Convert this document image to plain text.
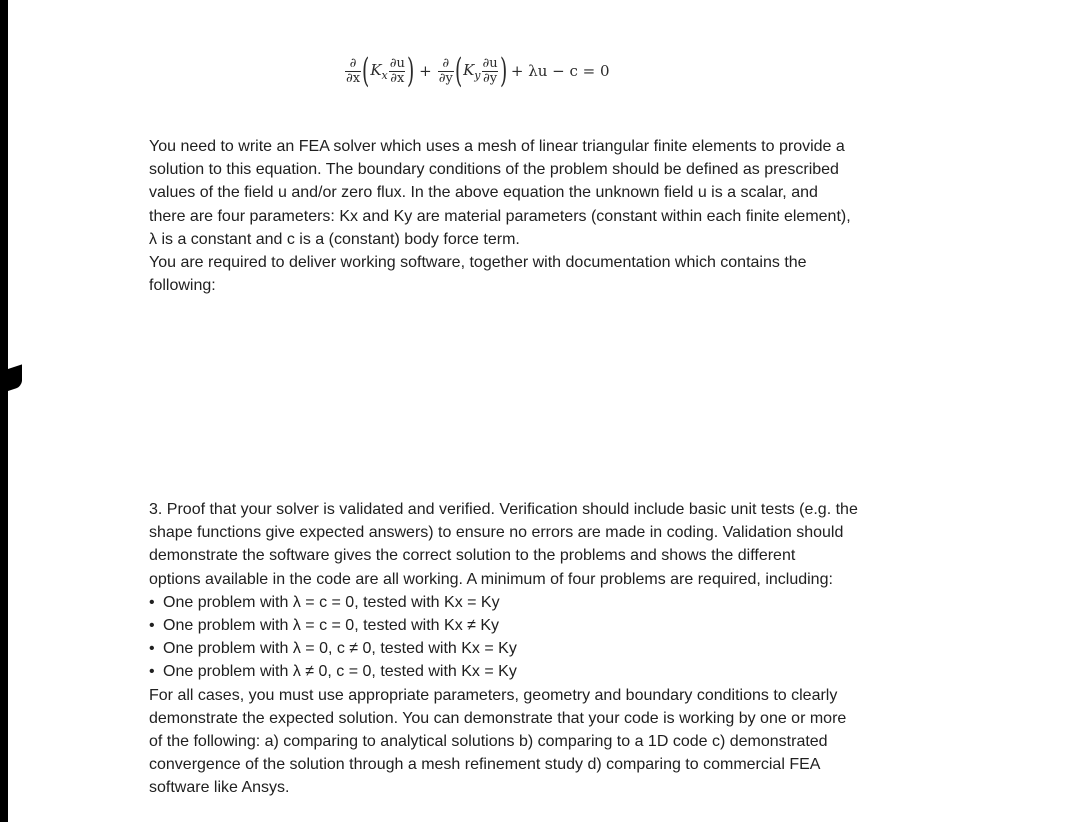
$\frac{\partial}{\partial x}$ ( $K_x \frac{\partial u}{\partial x}$ ) + $\frac{\partial}{\partial y}$ ( $K_y \frac{\partial u}{\partial y}$ ) + λu − c = 0

You need to write an FEA solver which uses a mesh of linear triangular finite elements to provide a

solution to this equation. The boundary conditions of the problem should be defined as prescribed

values of the field u and/or zero flux. In the above equation the unknown field u is a scalar, and

there are four parameters: Kx and Ky are material parameters (constant within each finite element),

λ is a constant and c is a (constant) body force term.

You are required to deliver working software, together with documentation which contains the

following:

3. Proof that your solver is validated and verified. Verification should include basic unit tests (e.g. the

shape functions give expected answers) to ensure no errors are made in coding. Validation should

demonstrate the software gives the correct solution to the problems and shows the different

options available in the code are all working. A minimum of four problems are required, including:

• One problem with λ = c = 0, tested with Kx = Ky

• One problem with λ = c = 0, tested with Kx ≠ Ky

• One problem with λ = 0, c ≠ 0, tested with Kx = Ky

• One problem with λ ≠ 0, c = 0, tested with Kx = Ky

For all cases, you must use appropriate parameters, geometry and boundary conditions to clearly

demonstrate the expected solution. You can demonstrate that your code is working by one or more

of the following: a) comparing to analytical solutions b) comparing to a 1D code c) demonstrated

convergence of the solution through a mesh refinement study d) comparing to commercial FEA

software like Ansys.
